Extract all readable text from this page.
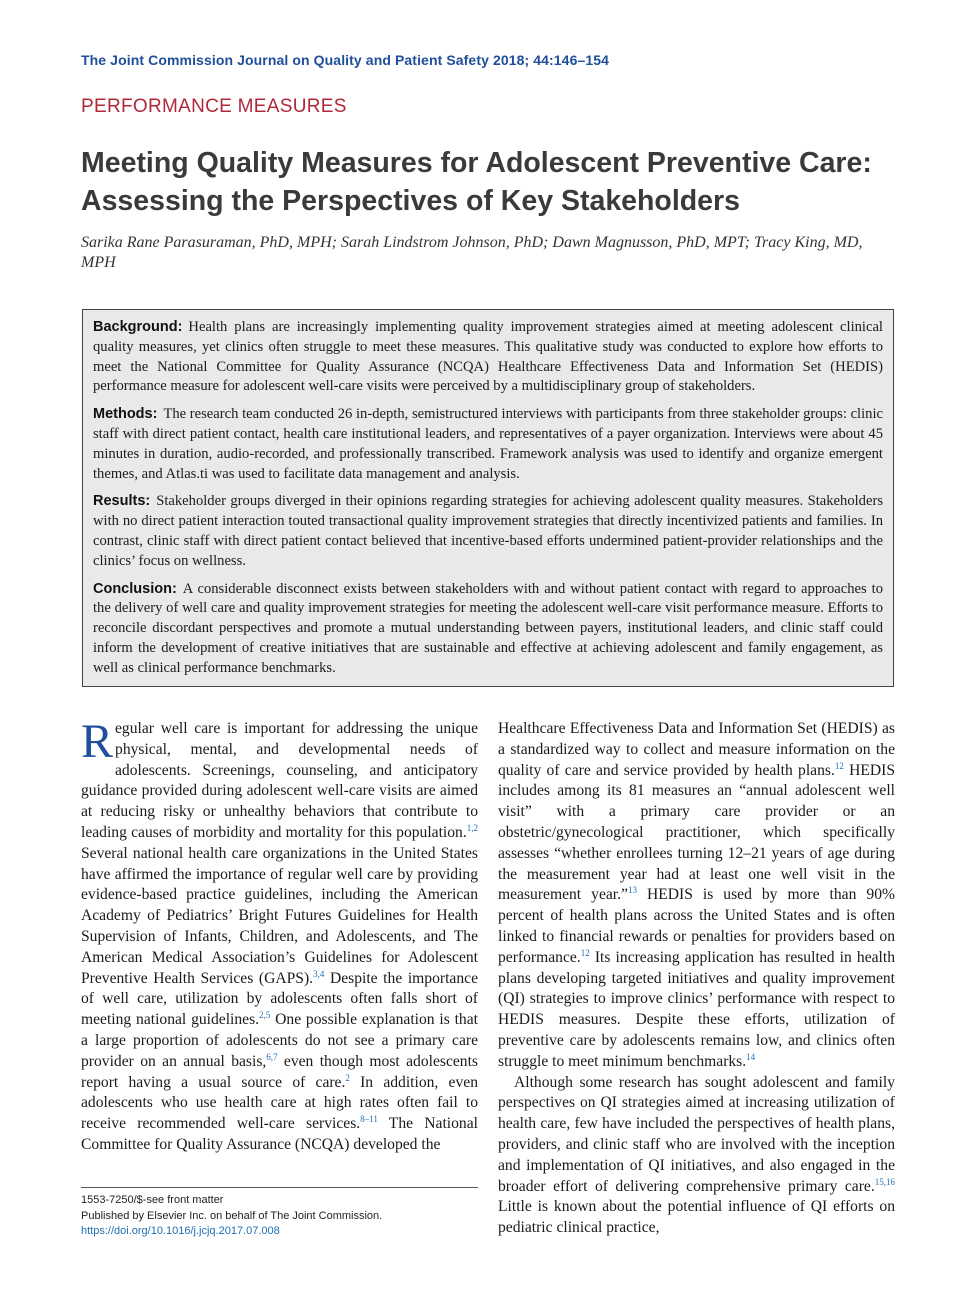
The Joint Commission Journal on Quality and Patient Safety 2018; 44:146–154
PERFORMANCE MEASURES
Meeting Quality Measures for Adolescent Preventive Care: Assessing the Perspectives of Key Stakeholders
Sarika Rane Parasuraman, PhD, MPH; Sarah Lindstrom Johnson, PhD; Dawn Magnusson, PhD, MPT; Tracy King, MD, MPH

Background: Health plans are increasingly implementing quality improvement strategies aimed at meeting adolescent clinical quality measures, yet clinics often struggle to meet these measures. This qualitative study was conducted to explore how efforts to meet the National Committee for Quality Assurance (NCQA) Healthcare Effectiveness Data and Information Set (HEDIS) performance measure for adolescent well-care visits were perceived by a multidisciplinary group of stakeholders.

Methods: The research team conducted 26 in-depth, semistructured interviews with participants from three stakeholder groups: clinic staff with direct patient contact, health care institutional leaders, and representatives of a payer organization. Interviews were about 45 minutes in duration, audio-recorded, and professionally transcribed. Framework analysis was used to identify and organize emergent themes, and Atlas.ti was used to facilitate data management and analysis.

Results: Stakeholder groups diverged in their opinions regarding strategies for achieving adolescent quality measures. Stakeholders with no direct patient interaction touted transactional quality improvement strategies that directly incentivized patients and families. In contrast, clinic staff with direct patient contact believed that incentive-based efforts undermined patient-provider relationships and the clinics’ focus on wellness.

Conclusion: A considerable disconnect exists between stakeholders with and without patient contact with regard to approaches to the delivery of well care and quality improvement strategies for meeting the adolescent well-care visit performance measure. Efforts to reconcile discordant perspectives and promote a mutual understanding between payers, institutional leaders, and clinic staff could inform the development of creative initiatives that are sustainable and effective at achieving adolescent and family engagement, as well as clinical performance benchmarks.

Regular well care is important for addressing the unique physical, mental, and developmental needs of adolescents. Screenings, counseling, and anticipatory guidance provided during adolescent well-care visits are aimed at reducing risky or unhealthy behaviors that contribute to leading causes of morbidity and mortality for this population.$^{1,2}$ Several national health care organizations in the United States have affirmed the importance of regular well care by providing evidence-based practice guidelines, including the American Academy of Pediatrics’ Bright Futures Guidelines for Health Supervision of Infants, Children, and Adolescents, and The American Medical Association’s Guidelines for Adolescent Preventive Health Services (GAPS).$^{3,4}$ Despite the importance of well care, utilization by adolescents often falls short of meeting national guidelines.$^{2,5}$ One possible explanation is that a large proportion of adolescents do not see a primary care provider on an annual basis,$^{6,7}$ even though most adolescents report having a usual source of care.$^2$ In addition, even adolescents who use health care at high rates often fail to receive recommended well-care services.$^{8-11}$ The National Committee for Quality Assurance (NCQA) developed the

Healthcare Effectiveness Data and Information Set (HEDIS) as a standardized way to collect and measure information on the quality of care and service provided by health plans.$^{12}$ HEDIS includes among its 81 measures an “annual adolescent well visit” with a primary care provider or an obstetric/gynecological practitioner, which specifically assesses “whether enrollees turning 12–21 years of age during the measurement year had at least one well visit in the measurement year.”$^{13}$ HEDIS is used by more than 90% percent of health plans across the United States and is often linked to financial rewards or penalties for providers based on performance.$^{12}$ Its increasing application has resulted in health plans developing targeted initiatives and quality improvement (QI) strategies to improve clinics’ performance with respect to HEDIS measures. Despite these efforts, utilization of preventive care by adolescents remains low, and clinics often struggle to meet minimum benchmarks.$^{14}$

Although some research has sought adolescent and family perspectives on QI strategies aimed at increasing utilization of health care, few have included the perspectives of health plans, providers, and clinic staff who are involved with the inception and implementation of QI initiatives, and also engaged in the broader effort of delivering comprehensive primary care.$^{15,16}$ Little is known about the potential influence of QI efforts on pediatric clinical practice,

1553-7250/$-see front matter
Published by Elsevier Inc. on behalf of The Joint Commission.
https://doi.org/10.1016/j.jcjq.2017.07.008
